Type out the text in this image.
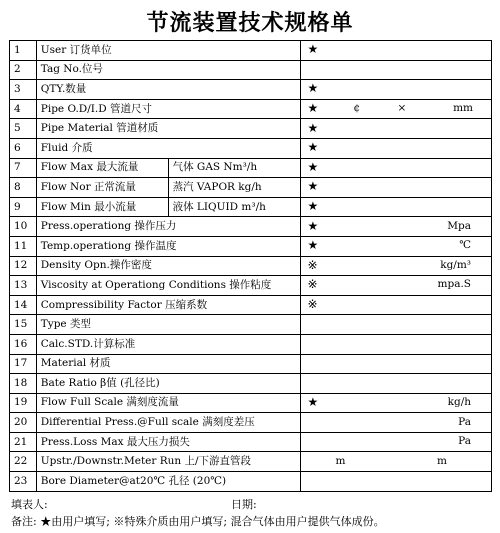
节流装置技术规格单
1	User 订货单位		★

2	Tag No.位号		

3	QTY.数量		★

4	Pipe O.D/I.D 管道尺寸		★ ¢ × mm

5	Pipe Material 管道材质		★

6	Fluid 介质		★

7	Flow Max 最大流量	气体 GAS Nm³/h	★

8	Flow Nor 正常流量	蒸汽 VAPOR kg/h	★

9	Flow Min 最小流量	液体 LIQUID m³/h	★

10	Press.operationg 操作压力		★ Mpa

11	Temp.operationg 操作温度		★ ℃

12	Density Opn.操作密度		※ kg/m³

13	Viscosity at Operationg Conditions 操作粘度		※ mpa.S

14	Compressibility Factor 压缩系数		※

15	Type 类型		

16	Calc.STD.计算标准		

17	Material 材质		

18	Bate Ratio β值 (孔径比)		

19	Flow Full Scale 满刻度流量		★ kg/h

20	Differential Press.@Full scale 满刻度差压		Pa

21	Press.Loss Max 最大压力损失		Pa

22	Upstr./Downstr.Meter Run 上/下游直管段		m m

23	Bore Diameter@at20℃ 孔径 (20℃)		
填表人:	日期:
备注: ★由用户填写; ※特殊介质由用户填写; 混合气体由用户提供气体成份。
